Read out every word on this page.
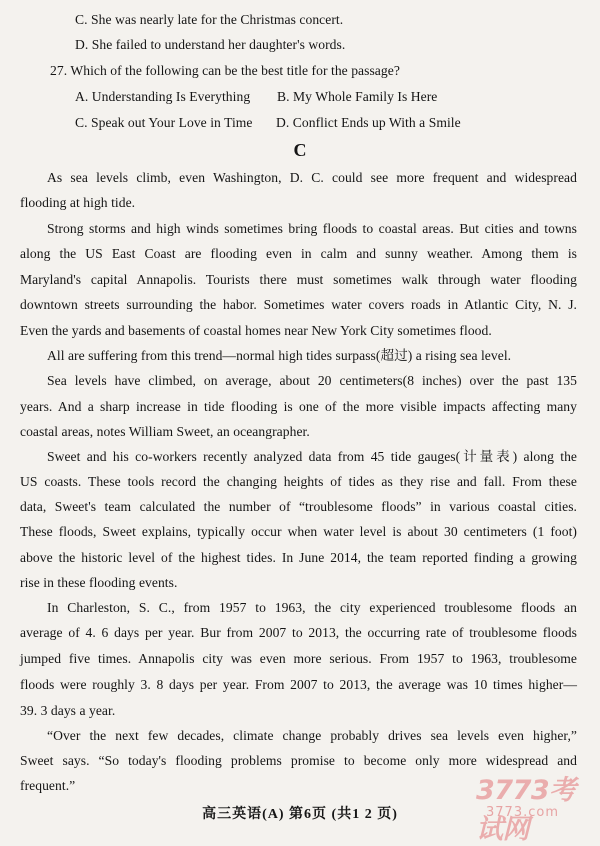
C. She was nearly late for the Christmas concert.
D. She failed to understand her daughter's words.
27. Which of the following can be the best title for the passage?
A. Understanding Is Everything B. My Whole Family Is Here
C. Speak out Your Love in Time D. Conflict Ends up With a Smile
C
As sea levels climb, even Washington, D. C. could see more frequent and widespread
flooding at high tide.
Strong storms and high winds sometimes bring floods to coastal areas. But cities and towns
along the US East Coast are flooding even in calm and sunny weather. Among them is
Maryland's capital Annapolis. Tourists there must sometimes walk through water flooding
downtown streets surrounding the habor. Sometimes water covers roads in Atlantic City, N. J.
Even the yards and basements of coastal homes near New York City sometimes flood.
All are suffering from this trend—normal high tides surpass(超过) a rising sea level.
Sea levels have climbed, on average, about 20 centimeters(8 inches) over the past 135
years. And a sharp increase in tide flooding is one of the more visible impacts affecting many
coastal areas, notes William Sweet, an oceangrapher.
Sweet and his co-workers recently analyzed data from 45 tide gauges(计量表) along the
US coasts. These tools record the changing heights of tides as they rise and fall. From these
data, Sweet's team calculated the number of “troublesome floods” in various coastal cities.
These floods, Sweet explains, typically occur when water level is about 30 centimeters (1 foot)
above the historic level of the highest tides. In June 2014, the team reported finding a growing
rise in these flooding events.
In Charleston, S. C., from 1957 to 1963, the city experienced troublesome floods an
average of 4. 6 days per year. Bur from 2007 to 2013, the occurring rate of troublesome floods
jumped five times. Annapolis city was even more serious. From 1957 to 1963, troublesome
floods were roughly 3. 8 days per year. From 2007 to 2013, the average was 10 times higher—
39. 3 days a year.
“Over the next few decades, climate change probably drives sea levels even higher,”
Sweet says. “So today's flooding problems promise to become only more widespread and
frequent.”
高三英语(A) 第6页 (共1 2 页)
3773考试网
3773.com
